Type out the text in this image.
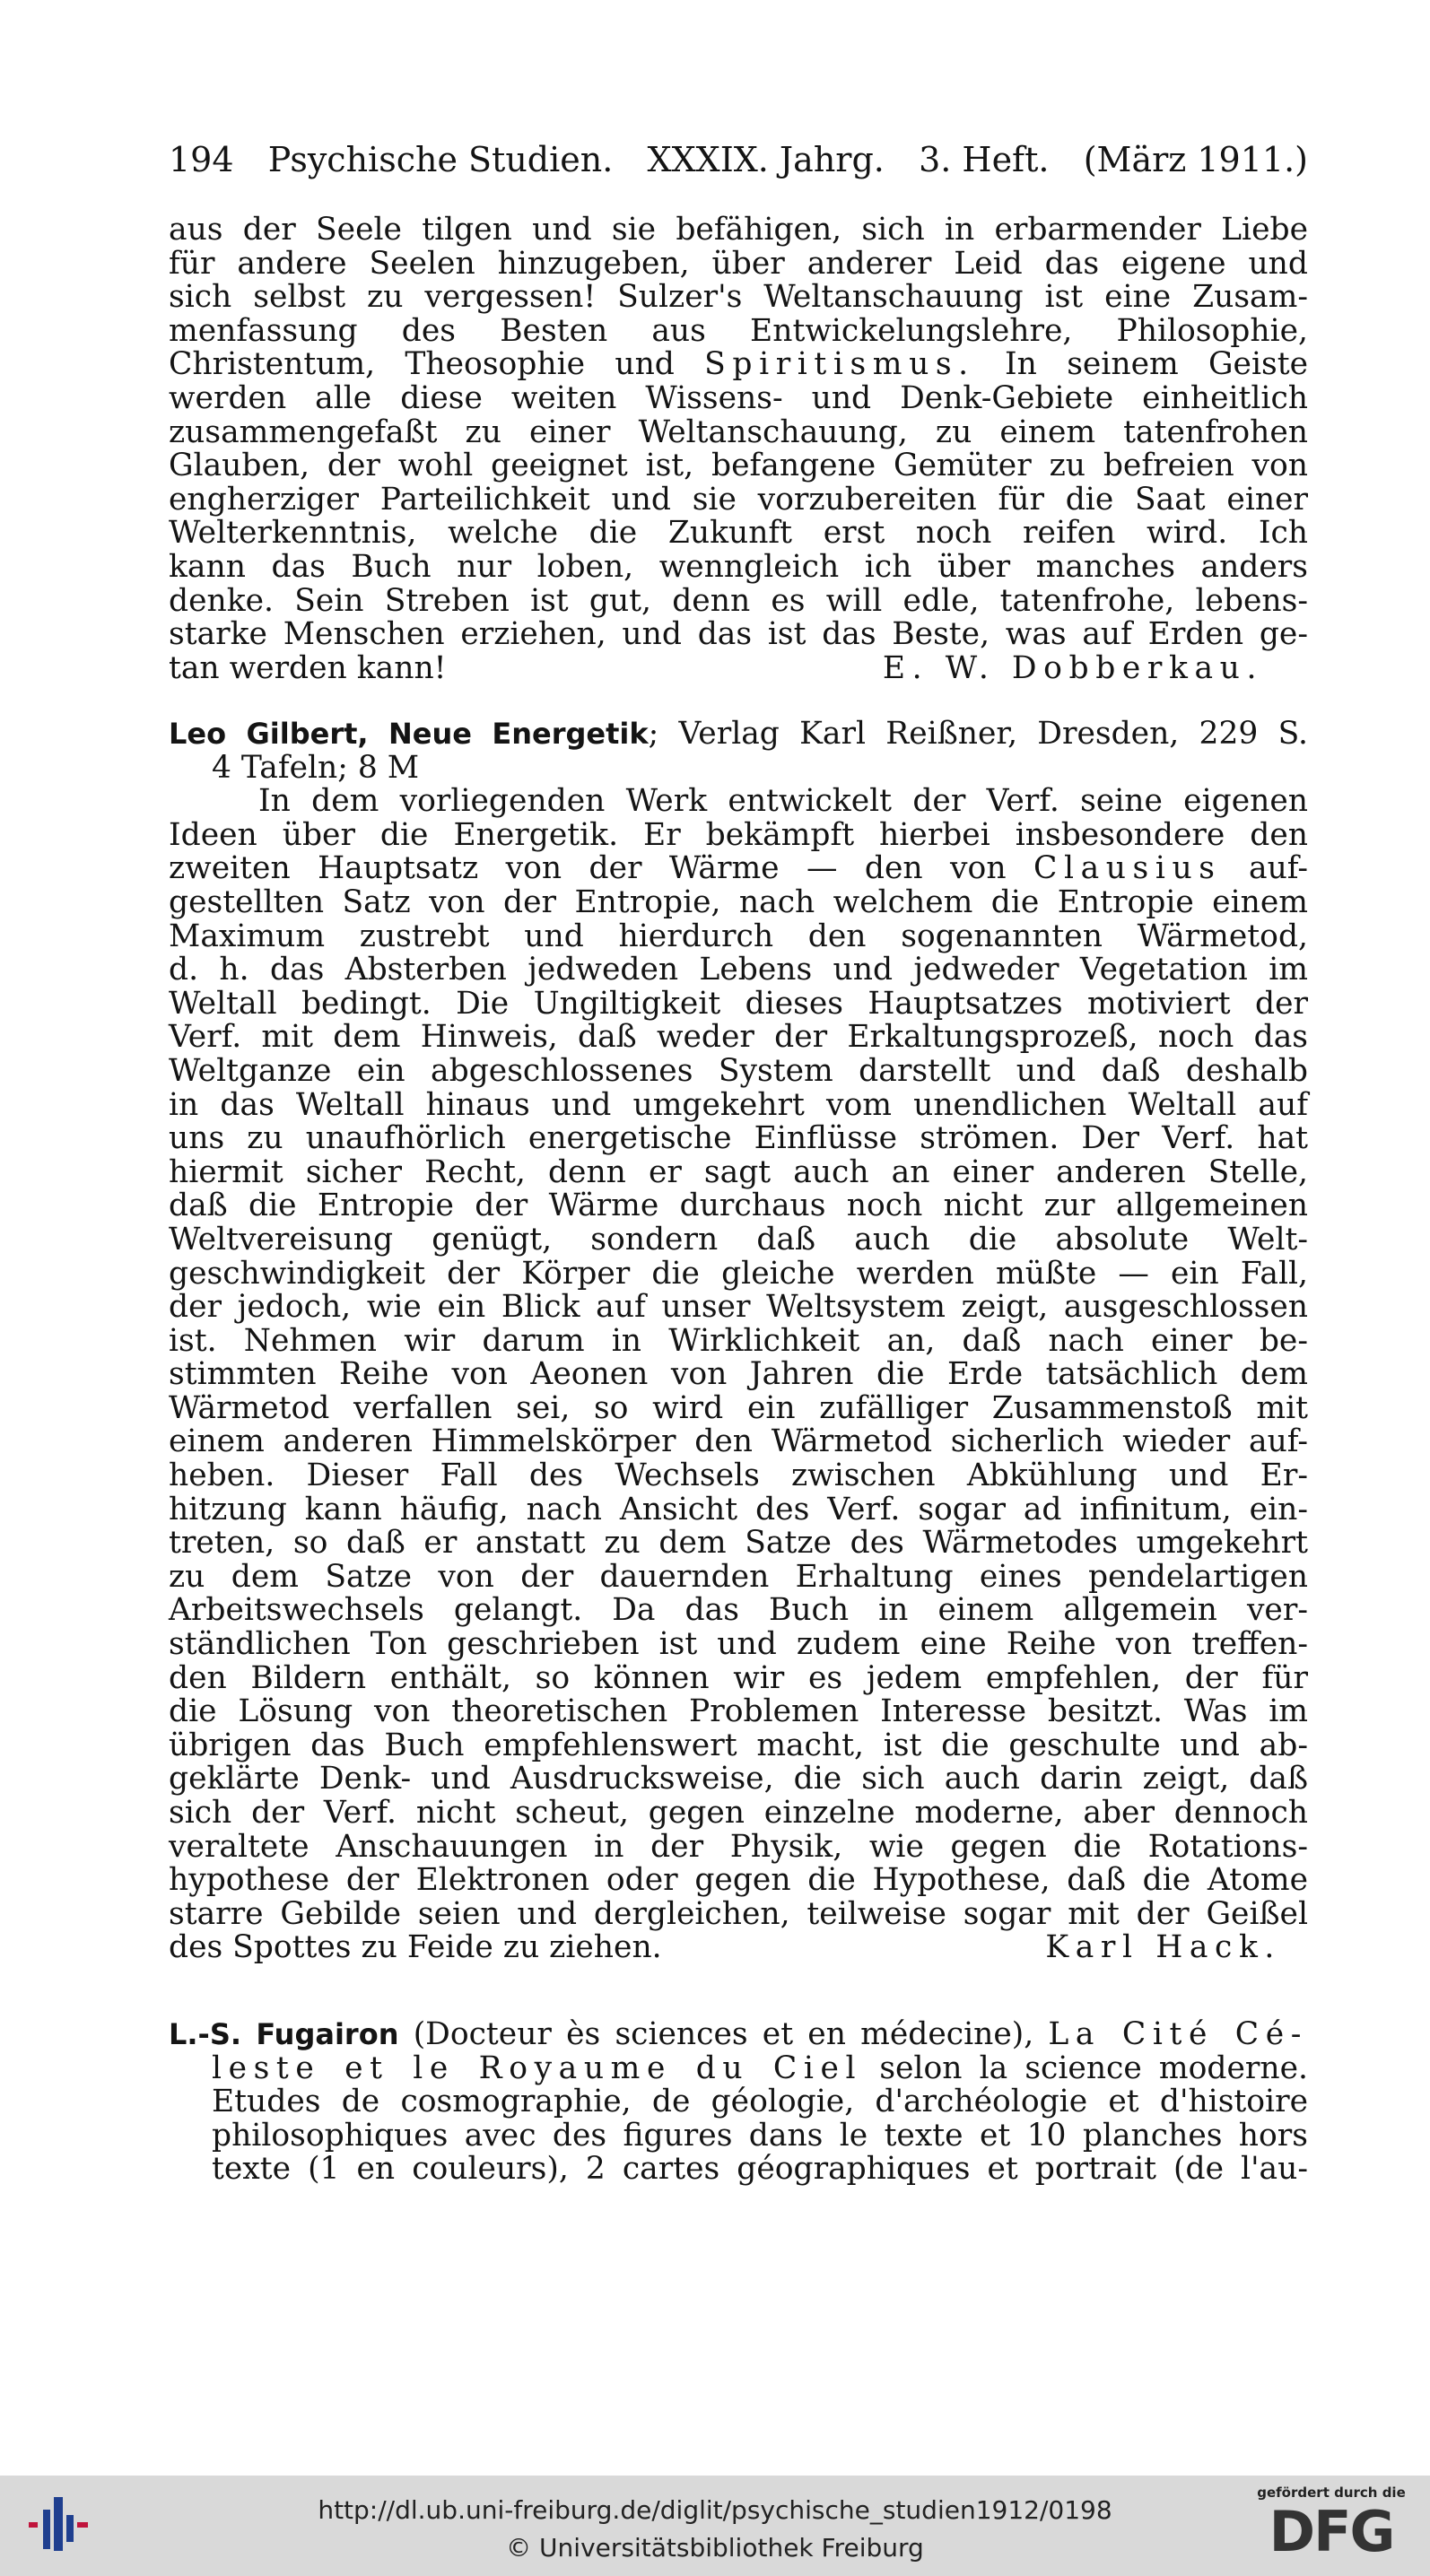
194 Psychische Studien. XXXIX. Jahrg. 3. Heft. (März 1911.)

aus der Seele tilgen und sie befähigen, sich in erbarmender Liebe

für andere Seelen hinzugeben, über anderer Leid das eigene und

sich selbst zu vergessen! Sulzer's Weltanschauung ist eine Zusam-

menfassung des Besten aus Entwickelungslehre, Philosophie,

Christentum, Theosophie und Spiritismus. In seinem Geiste

werden alle diese weiten Wissens- und Denk-Gebiete einheitlich

zusammengefaßt zu einer Weltanschauung, zu einem tatenfrohen

Glauben, der wohl geeignet ist, befangene Gemüter zu befreien von

engherziger Parteilichkeit und sie vorzubereiten für die Saat einer

Welterkenntnis, welche die Zukunft erst noch reifen wird. Ich

kann das Buch nur loben, wenngleich ich über manches anders

denke. Sein Streben ist gut, denn es will edle, tatenfrohe, lebens-

starke Menschen erziehen, und das ist das Beste, was auf Erden ge-

tan werden kann!	E. W. Dobberkau.

Leo Gilbert, Neue Energetik; Verlag Karl Reißner, Dresden, 229 S.

4 Tafeln; 8 M

In dem vorliegenden Werk entwickelt der Verf. seine eigenen

Ideen über die Energetik. Er bekämpft hierbei insbesondere den

zweiten Hauptsatz von der Wärme — den von Clausius auf-

gestellten Satz von der Entropie, nach welchem die Entropie einem

Maximum zustrebt und hierdurch den sogenannten Wärmetod,

d. h. das Absterben jedweden Lebens und jedweder Vegetation im

Weltall bedingt. Die Ungiltigkeit dieses Hauptsatzes motiviert der

Verf. mit dem Hinweis, daß weder der Erkaltungsprozeß, noch das

Weltganze ein abgeschlossenes System darstellt und daß deshalb

in das Weltall hinaus und umgekehrt vom unendlichen Weltall auf

uns zu unaufhörlich energetische Einflüsse strömen. Der Verf. hat

hiermit sicher Recht, denn er sagt auch an einer anderen Stelle,

daß die Entropie der Wärme durchaus noch nicht zur allgemeinen

Weltvereisung genügt, sondern daß auch die absolute Welt-

geschwindigkeit der Körper die gleiche werden müßte — ein Fall,

der jedoch, wie ein Blick auf unser Weltsystem zeigt, ausgeschlossen

ist. Nehmen wir darum in Wirklichkeit an, daß nach einer be-

stimmten Reihe von Aeonen von Jahren die Erde tatsächlich dem

Wärmetod verfallen sei, so wird ein zufälliger Zusammenstoß mit

einem anderen Himmelskörper den Wärmetod sicherlich wieder auf-

heben. Dieser Fall des Wechsels zwischen Abkühlung und Er-

hitzung kann häufig, nach Ansicht des Verf. sogar ad infinitum, ein-

treten, so daß er anstatt zu dem Satze des Wärmetodes umgekehrt

zu dem Satze von der dauernden Erhaltung eines pendelartigen

Arbeitswechsels gelangt. Da das Buch in einem allgemein ver-

ständlichen Ton geschrieben ist und zudem eine Reihe von treffen-

den Bildern enthält, so können wir es jedem empfehlen, der für

die Lösung von theoretischen Problemen Interesse besitzt. Was im

übrigen das Buch empfehlenswert macht, ist die geschulte und ab-

geklärte Denk- und Ausdrucksweise, die sich auch darin zeigt, daß

sich der Verf. nicht scheut, gegen einzelne moderne, aber dennoch

veraltete Anschauungen in der Physik, wie gegen die Rotations-

hypothese der Elektronen oder gegen die Hypothese, daß die Atome

starre Gebilde seien und dergleichen, teilweise sogar mit der Geißel

des Spottes zu Feide zu ziehen.	Karl Hack.

L.-S. Fugairon (Docteur ès sciences et en médecine), La Cité Cé-

leste et le Royaume du Ciel selon la science moderne.

Etudes de cosmographie, de géologie, d'archéologie et d'histoire

philosophiques avec des figures dans le texte et 10 planches hors

texte (1 en couleurs), 2 cartes géographiques et portrait (de l'au-

http://dl.ub.uni-freiburg.de/diglit/psychische_studien1912/0198
© Universitätsbibliothek Freiburg
gefördert durch die
DFG
